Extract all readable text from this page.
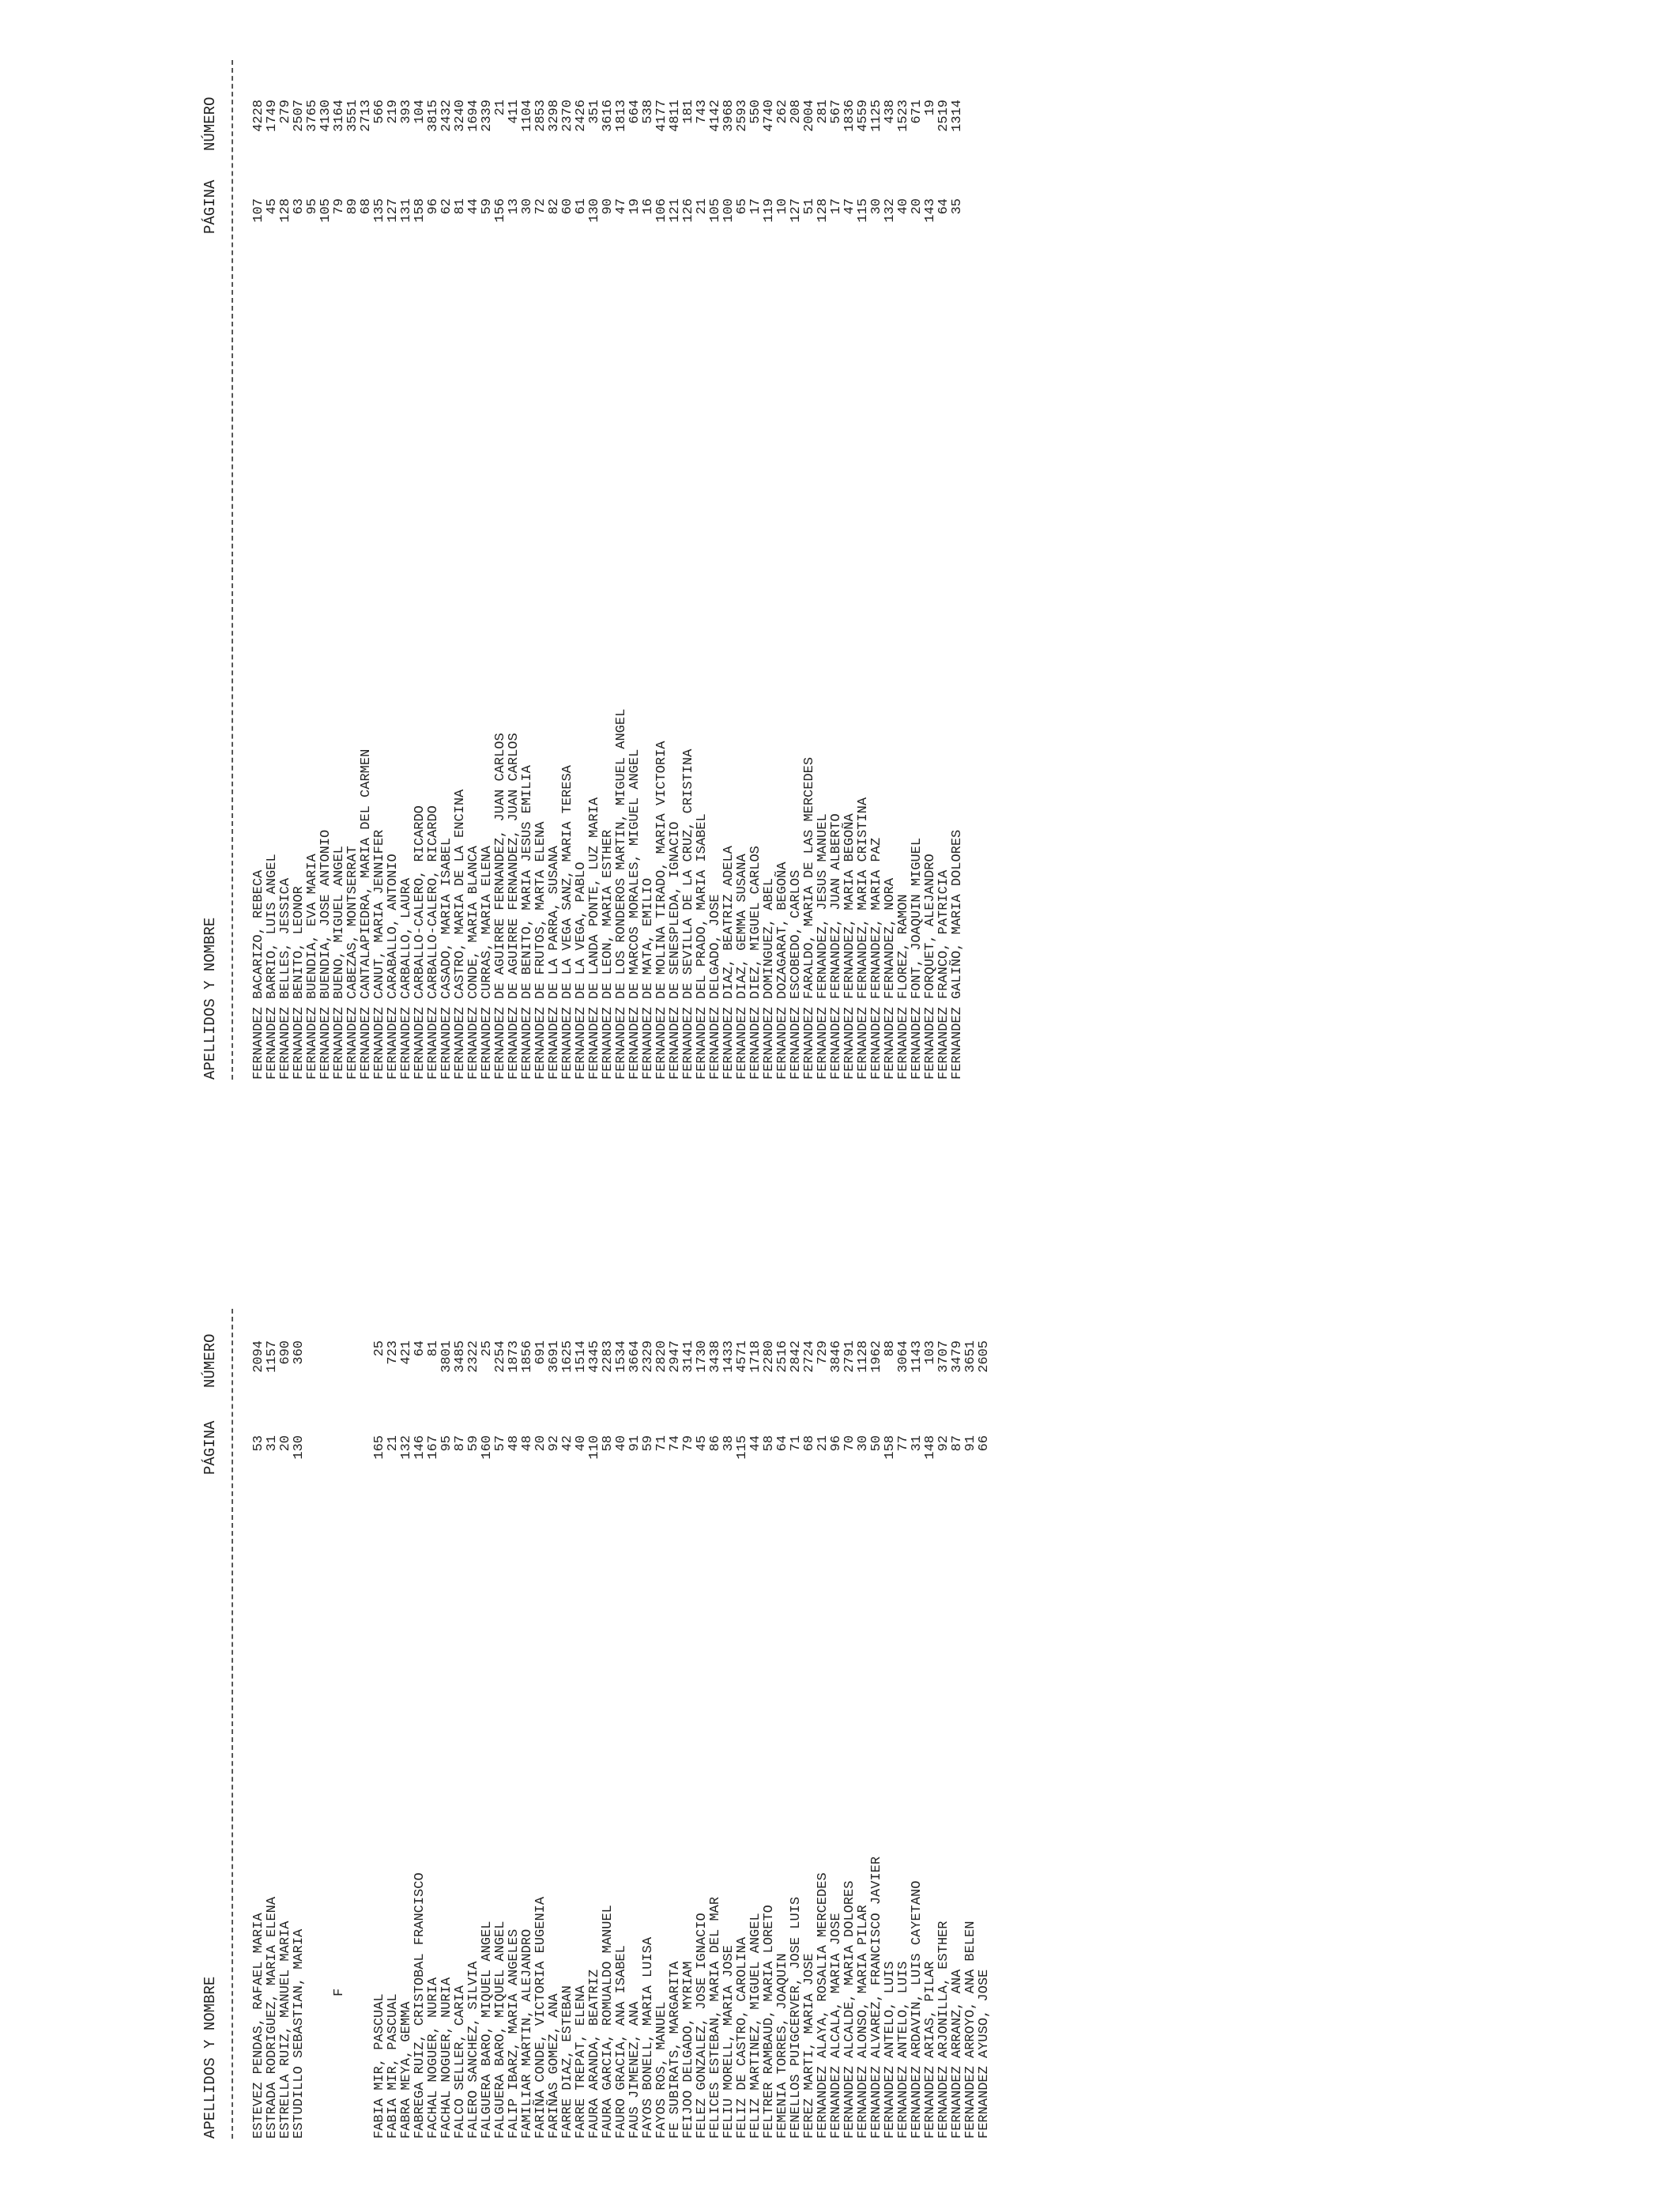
APELLIDOS Y NOMBRE

PÁGINA

NÚMERO

ESTEVEZ PENDAS, RAFAEL MARIA
53
2094
ESTRADA RODRIGUEZ, MARIA ELENA
31
1157
ESTRELLA RUIZ, MANUEL MARIA
20
690
ESTUDILLO SEBASTIAN, MARIA
130
360
F
FABIA MIR, PASCUAL
165
25
FABIA MIR, PASCUAL
21
723
FABRA MEYA, GEMMA
132
421
FABREGA RUIZ, CRISTOBAL FRANCISCO
146
64
FACHAL NOGUER, NURIA
167
81
FACHAL NOGUER, NURIA
95
3801
FALCO SELLER, CARIA
87
3485
FALERO SANCHEZ, SILVIA
59
2322
FALGUERA BARO, MIQUEL ANGEL
160
25
FALGUERA BARO, MIQUEL ANGEL
57
2254
FALIP IBARZ, MARIA ANGELES
48
1873
FAMILIAR MARTIN, ALEJANDRO
48
1856
FARIÑA CONDE, VICTORIA EUGENIA
20
691
FARIÑAS GOMEZ, ANA
92
3691
FARRE DIAZ, ESTEBAN
42
1625
FARRE TREPAT, ELENA
40
1514
FAURA ARANDA, BEATRIZ
110
4345
FAURA GARCIA, ROMUALDO MANUEL
58
2283
FAURO GRACIA, ANA ISABEL
40
1534
FAUS JIMENEZ, ANA
91
3664
FAYOS BONELL, MARIA LUISA
59
2329
FAYOS ROS, MANUEL
71
2820
FE SUBIRATS, MARGARITA
74
2947
FEIJOO DELGADO, MYRIAM
79
3141
FELEZ GONZALEZ, JOSE IGNACIO
45
1730
FELICES ESTEBAN, MARIA DEL MAR
86
3438
FELIU MORELL, MARIA JOSE
38
1433
FELIZ DE CASTRO, CAROLINA
115
4571
FELIZ MARTINEZ, MIGUEL ANGEL
44
1718
FELTRER RAMBAUD, MARIA LORETO
58
2280
FEMENIA TORRES, JOAQUIN
64
2516
FENELLOS PUIGCERVER, JOSE LUIS
71
2842
FEREZ MARTI, MARIA JOSE
68
2724
FERNANDEZ ALAYA, ROSALIA MERCEDES
21
729
FERNANDEZ ALCALA, MARIA JOSE
96
3846
FERNANDEZ ALCALDE, MARIA DOLORES
70
2791
FERNANDEZ ALONSO, MARIA PILAR
30
1128
FERNANDEZ ALVAREZ, FRANCISCO JAVIER
50
1962
FERNANDEZ ANTELO, LUIS
158
88
FERNANDEZ ANTELO, LUIS
77
3064
FERNANDEZ ARDAVIN, LUIS CAYETANO
31
1143
FERNANDEZ ARIAS, PILAR
148
103
FERNANDEZ ARJONILLA, ESTHER
92
3707
FERNANDEZ ARRANZ, ANA
87
3479
FERNANDEZ ARROYO, ANA BELEN
91
3651
FERNANDEZ AYUSO, JOSE
66
2605

APELLIDOS Y NOMBRE

PÁGINA

NÚMERO

FERNANDEZ BACARIZO, REBECA
107
4228
FERNANDEZ BARRIO, LUIS ANGEL
45
1749
FERNANDEZ BELLES, JESSICA
128
279
FERNANDEZ BENITO, LEONOR
63
2507
FERNANDEZ BUENDIA, EVA MARIA
95
3765
FERNANDEZ BUENDIA, JOSE ANTONIO
105
4130
FERNANDEZ BUENO, MIGUEL ANGEL
79
3164
FERNANDEZ CABEZAS, MONTSERRAT
89
3551
FERNANDEZ CANTALAPIEDRA, MARIA DEL CARMEN
68
2713
FERNANDEZ CANUT, MARIA JENNIFER
135
566
FERNANDEZ CARABALLO, ANTONIO
127
219
FERNANDEZ CARBALLO, LAURA
131
393
FERNANDEZ CARBALLO-CALERO, RICARDO
158
104
FERNANDEZ CARBALLO-CALERO, RICARDO
96
3815
FERNANDEZ CASADO, MARIA ISABEL
62
2432
FERNANDEZ CASTRO, MARIA DE LA ENCINA
81
3240
FERNANDEZ CONDE, MARIA BLANCA
44
1694
FERNANDEZ CURRAS, MARIA ELENA
59
2339
FERNANDEZ DE AGUIRRE FERNANDEZ, JUAN CARLOS
156
21
FERNANDEZ DE AGUIRRE FERNANDEZ, JUAN CARLOS
13
411
FERNANDEZ DE BENITO, MARIA JESUS EMILIA
30
1104
FERNANDEZ DE FRUTOS, MARTA ELENA
72
2853
FERNANDEZ DE LA PARRA, SUSANA
82
3298
FERNANDEZ DE LA VEGA SANZ, MARIA TERESA
60
2370
FERNANDEZ DE LA VEGA, PABLO
61
2426
FERNANDEZ DE LANDA PONTE, LUZ MARIA
130
351
FERNANDEZ DE LEON, MARIA ESTHER
90
3616
FERNANDEZ DE LOS RONDEROS MARTIN, MIGUEL ANGEL
47
1813
FERNANDEZ DE MARCOS MORALES, MIGUEL ANGEL
19
664
FERNANDEZ DE MATA, EMILIO
16
538
FERNANDEZ DE MOLINA TIRADO, MARIA VICTORIA
106
4177
FERNANDEZ DE SENESPLEDA, IGNACIO
121
4811
FERNANDEZ DE SEVILLA DE LA CRUZ, CRISTINA
126
181
FERNANDEZ DEL PRADO, MARIA ISABEL
21
743
FERNANDEZ DELGADO, JOSE
105
4142
FERNANDEZ DIAZ, BEATRIZ ADELA
100
3968
FERNANDEZ DIAZ, GEMMA SUSANA
65
2593
FERNANDEZ DIEZ, MIGUEL CARLOS
17
550
FERNANDEZ DOMINGUEZ, ABEL
119
4740
FERNANDEZ DOZAGARAT, BEGOÑA
10
262
FERNANDEZ ESCOBEDO, CARLOS
127
208
FERNANDEZ FARALDO, MARIA DE LAS MERCEDES
51
2004
FERNANDEZ FERNANDEZ, JESUS MANUEL
128
281
FERNANDEZ FERNANDEZ, JUAN ALBERTO
17
567
FERNANDEZ FERNANDEZ, MARIA BEGOÑA
47
1836
FERNANDEZ FERNANDEZ, MARIA CRISTINA
115
4559
FERNANDEZ FERNANDEZ, MARIA PAZ
30
1125
FERNANDEZ FERNANDEZ, NORA
132
438
FERNANDEZ FLOREZ, RAMON
40
1523
FERNANDEZ FONT, JOAQUIN MIGUEL
20
671
FERNANDEZ FORQUET, ALEJANDRO
143
19
FERNANDEZ FRANCO, PATRICIA
64
2519
FERNANDEZ GALIÑO, MARIA DOLORES
35
1314
